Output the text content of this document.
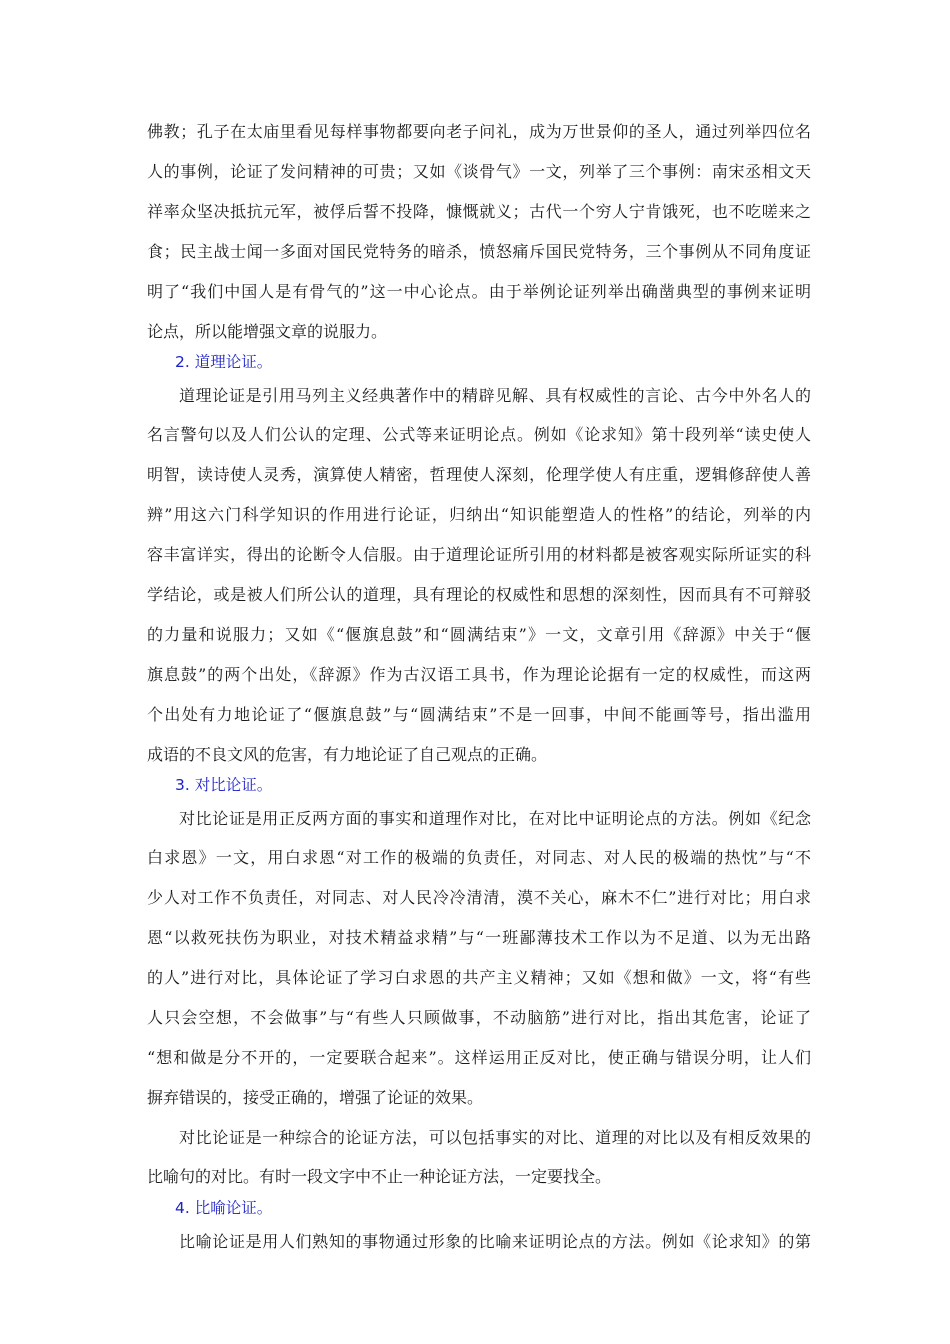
佛教；孔子在太庙里看见每样事物都要向老子问礼，成为万世景仰的圣人，通过列举四位名
人的事例，论证了发问精神的可贵；又如《谈骨气》一文，列举了三个事例：南宋丞相文天
祥率众坚决抵抗元军，被俘后誓不投降，慷慨就义；古代一个穷人宁肯饿死，也不吃嗟来之
食；民主战士闻一多面对国民党特务的暗杀，愤怒痛斥国民党特务，三个事例从不同角度证
明了“我们中国人是有骨气的”这一中心论点。由于举例论证列举出确凿典型的事例来证明
论点，所以能增强文章的说服力。
2. 道理论证。
道理论证是引用马列主义经典著作中的精辟见解、具有权威性的言论、古今中外名人的
名言警句以及人们公认的定理、公式等来证明论点。例如《论求知》第十段列举“读史使人
明智，读诗使人灵秀，演算使人精密，哲理使人深刻，伦理学使人有庄重，逻辑修辞使人善
辨”用这六门科学知识的作用进行论证，归纳出“知识能塑造人的性格”的结论，列举的内
容丰富详实，得出的论断令人信服。由于道理论证所引用的材料都是被客观实际所证实的科
学结论，或是被人们所公认的道理，具有理论的权威性和思想的深刻性，因而具有不可辩驳
的力量和说服力；又如《“偃旗息鼓”和“圆满结束”》一文，文章引用《辞源》中关于“偃
旗息鼓”的两个出处，《辞源》作为古汉语工具书，作为理论论据有一定的权威性，而这两
个出处有力地论证了“偃旗息鼓”与“圆满结束”不是一回事，中间不能画等号，指出滥用
成语的不良文风的危害，有力地论证了自己观点的正确。
3. 对比论证。
对比论证是用正反两方面的事实和道理作对比，在对比中证明论点的方法。例如《纪念
白求恩》一文，用白求恩“对工作的极端的负责任，对同志、对人民的极端的热忱”与“不
少人对工作不负责任，对同志、对人民冷冷清清，漠不关心，麻木不仁”进行对比；用白求
恩“以救死扶伤为职业，对技术精益求精”与“一班鄙薄技术工作以为不足道、以为无出路
的人”进行对比，具体论证了学习白求恩的共产主义精神；又如《想和做》一文，将“有些
人只会空想，不会做事”与“有些人只顾做事，不动脑筋”进行对比，指出其危害，论证了
“想和做是分不开的，一定要联合起来”。这样运用正反对比，使正确与错误分明，让人们
摒弃错误的，接受正确的，增强了论证的效果。
对比论证是一种综合的论证方法，可以包括事实的对比、道理的对比以及有相反效果的
比喻句的对比。有时一段文字中不止一种论证方法，一定要找全。
4. 比喻论证。
比喻论证是用人们熟知的事物通过形象的比喻来证明论点的方法。例如《论求知》的第
